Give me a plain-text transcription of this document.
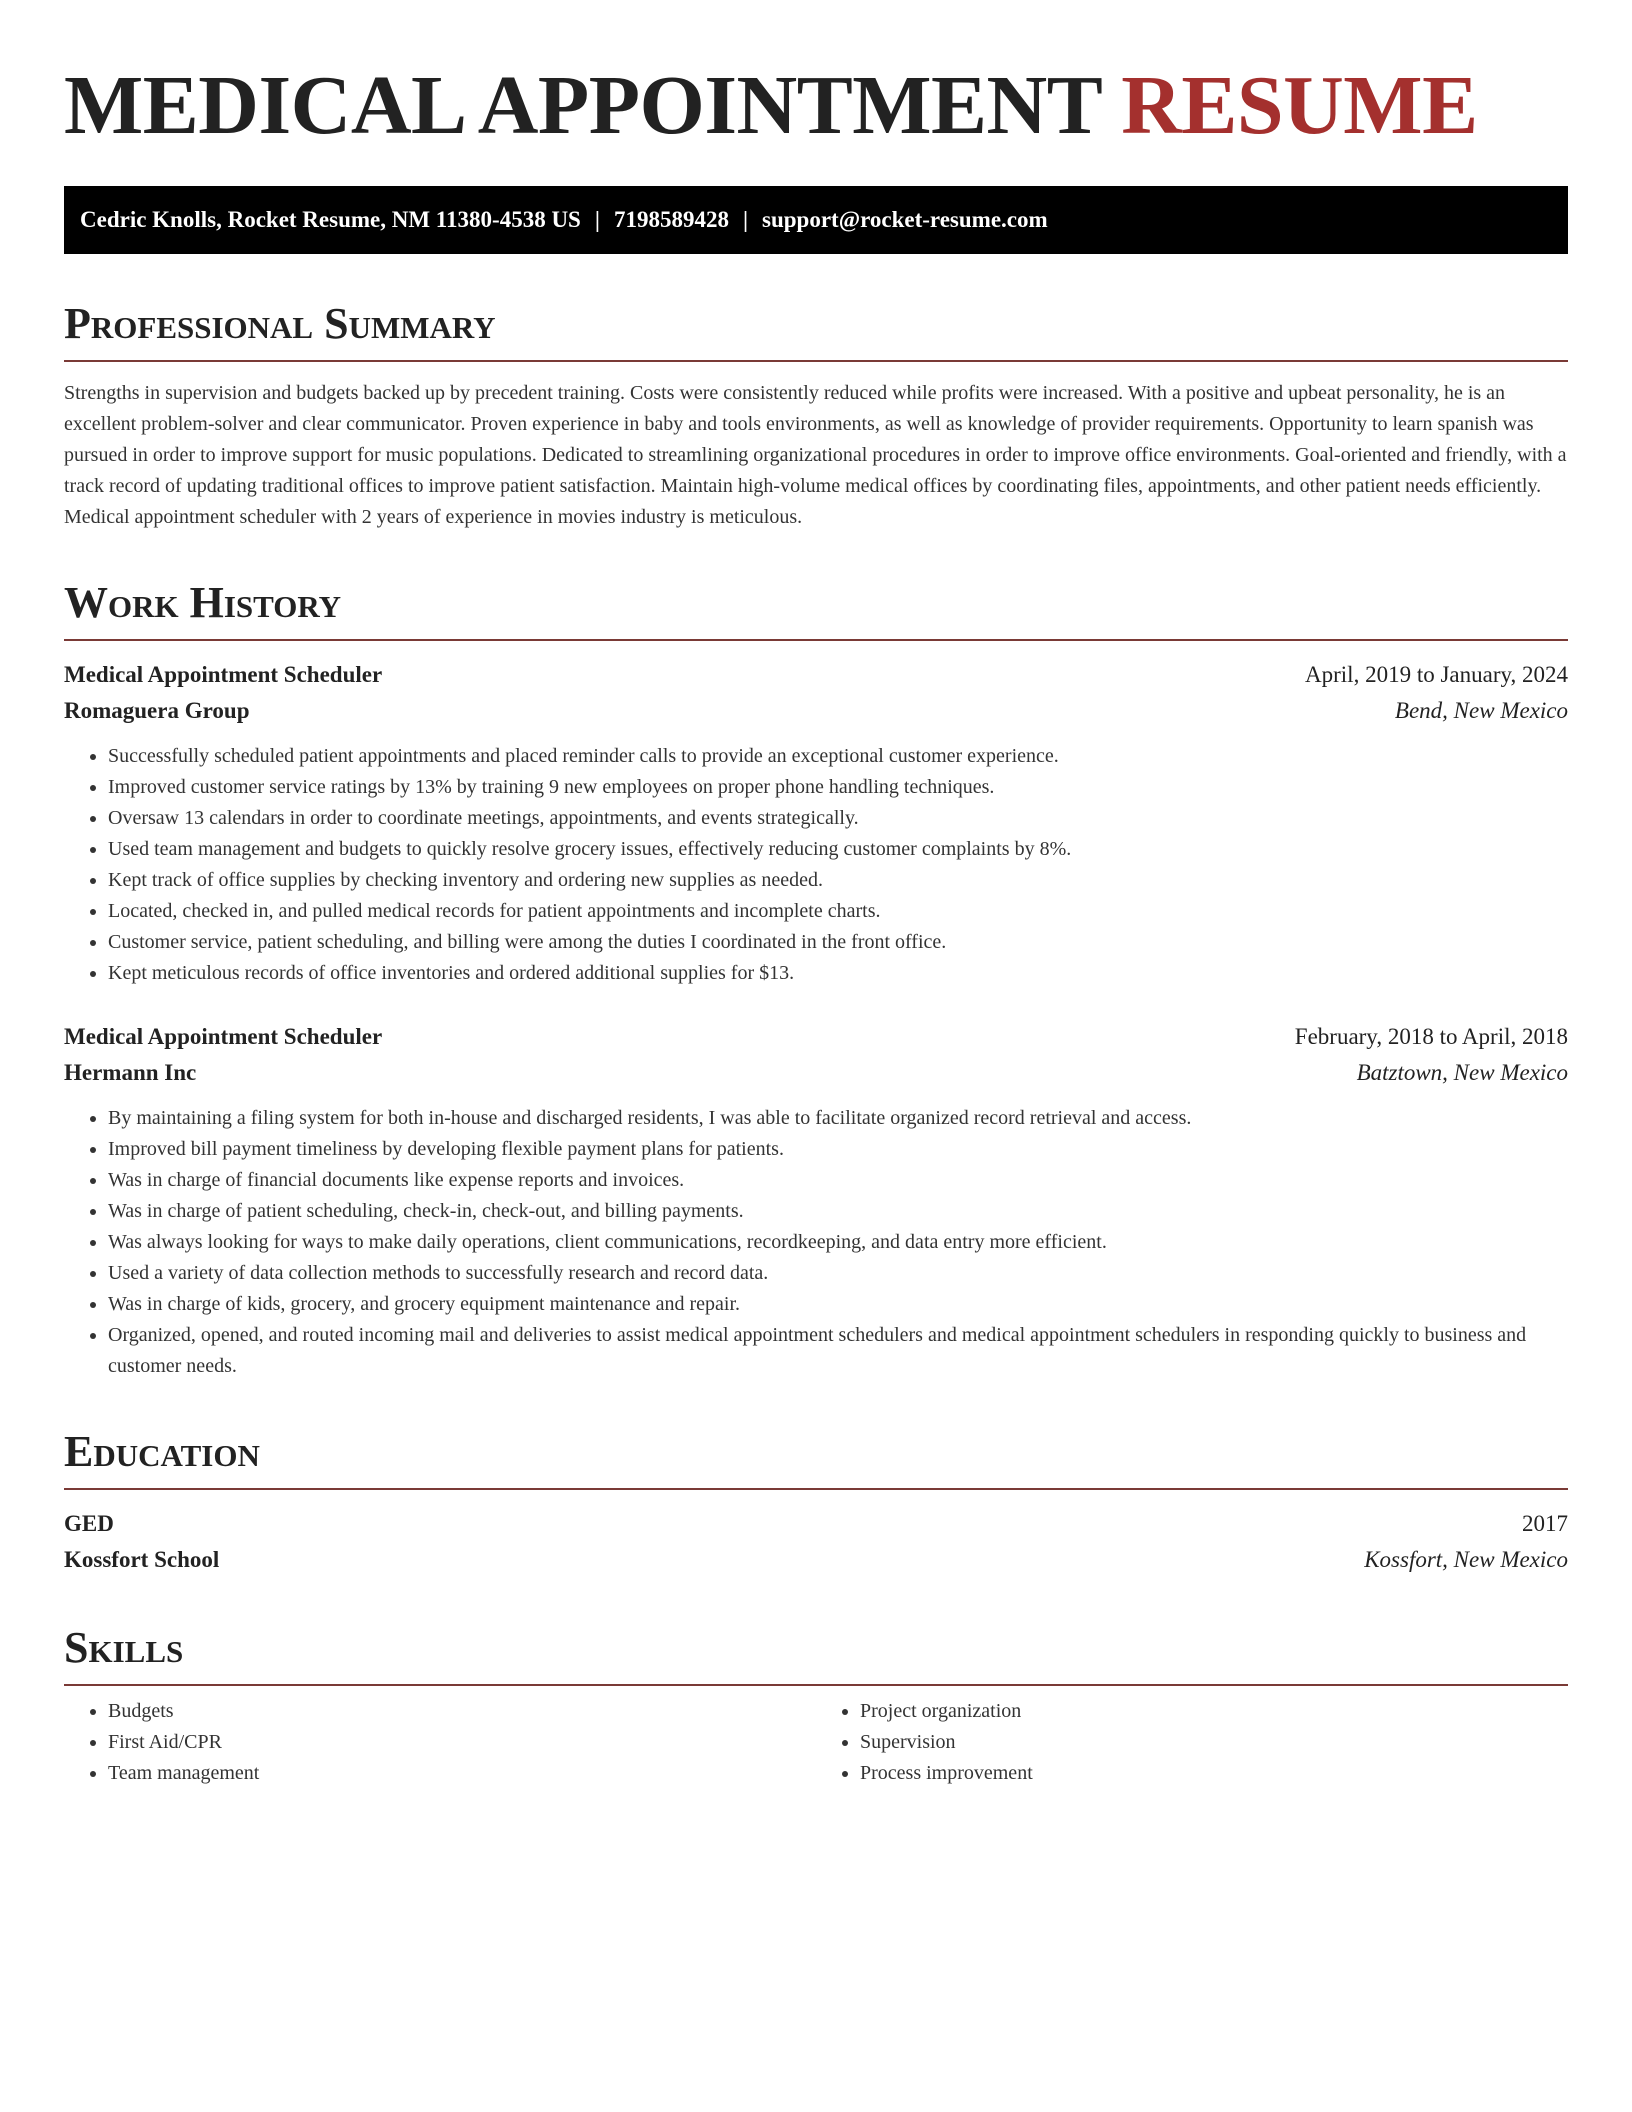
MEDICAL APPOINTMENT RESUME
Cedric Knolls, Rocket Resume, NM 11380-4538 US | 7198589428 | support@rocket-resume.com
Professional Summary

Strengths in supervision and budgets backed up by precedent training. Costs were consistently reduced while profits were increased. With a positive and upbeat personality, he is an excellent problem-solver and clear communicator. Proven experience in baby and tools environments, as well as knowledge of provider requirements. Opportunity to learn spanish was pursued in order to improve support for music populations. Dedicated to streamlining organizational procedures in order to improve office environments. Goal-oriented and friendly, with a track record of updating traditional offices to improve patient satisfaction. Maintain high-volume medical offices by coordinating files, appointments, and other patient needs efficiently. Medical appointment scheduler with 2 years of experience in movies industry is meticulous.

Work History
Medical Appointment Scheduler	April, 2019 to January, 2024
Romaguera Group	Bend, New Mexico
• Successfully scheduled patient appointments and placed reminder calls to provide an exceptional customer experience.
• Improved customer service ratings by 13% by training 9 new employees on proper phone handling techniques.
• Oversaw 13 calendars in order to coordinate meetings, appointments, and events strategically.
• Used team management and budgets to quickly resolve grocery issues, effectively reducing customer complaints by 8%.
• Kept track of office supplies by checking inventory and ordering new supplies as needed.
• Located, checked in, and pulled medical records for patient appointments and incomplete charts.
• Customer service, patient scheduling, and billing were among the duties I coordinated in the front office.
• Kept meticulous records of office inventories and ordered additional supplies for $13.
Medical Appointment Scheduler	February, 2018 to April, 2018
Hermann Inc	Batztown, New Mexico
• By maintaining a filing system for both in-house and discharged residents, I was able to facilitate organized record retrieval and access.
• Improved bill payment timeliness by developing flexible payment plans for patients.
• Was in charge of financial documents like expense reports and invoices.
• Was in charge of patient scheduling, check-in, check-out, and billing payments.
• Was always looking for ways to make daily operations, client communications, recordkeeping, and data entry more efficient.
• Used a variety of data collection methods to successfully research and record data.
• Was in charge of kids, grocery, and grocery equipment maintenance and repair.
• Organized, opened, and routed incoming mail and deliveries to assist medical appointment schedulers and medical appointment schedulers in responding quickly to business and customer needs.
Education
GED	2017
Kossfort School	Kossfort, New Mexico
Skills
• Budgets
• First Aid/CPR
• Team management
• Project organization
• Supervision
• Process improvement
